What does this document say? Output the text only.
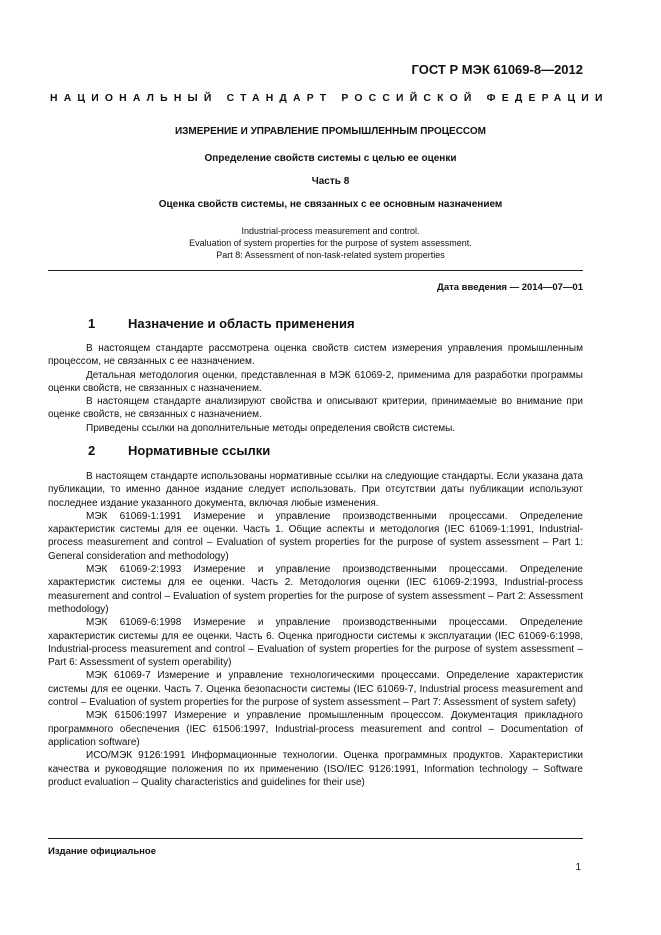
ГОСТ Р МЭК 61069-8—2012
НАЦИОНАЛЬНЫЙ СТАНДАРТ РОССИЙСКОЙ ФЕДЕРАЦИИ
ИЗМЕРЕНИЕ И УПРАВЛЕНИЕ ПРОМЫШЛЕННЫМ ПРОЦЕССОМ
Определение свойств системы с целью ее оценки
Часть 8
Оценка свойств системы, не связанных с ее основным назначением
Industrial-process measurement and control.
Evaluation of system properties for the purpose of system assessment.
Part 8: Assessment of non-task-related system properties
Дата введения — 2014—07—01
1	Назначение и область применения

В настоящем стандарте рассмотрена оценка свойств систем измерения управления промышленным процессом, не связанных с ее назначением.

Детальная методология оценки, представленная в МЭК 61069-2, применима для разработки программы оценки свойств, не связанных с назначением.

В настоящем стандарте анализируют свойства и описывают критерии, принимаемые во внимание при оценке свойств, не связанных с назначением.

Приведены ссылки на дополнительные методы определения свойств системы.

2	Нормативные ссылки

В настоящем стандарте использованы нормативные ссылки на следующие стандарты. Если указана дата публикации, то именно данное издание следует использовать. При отсутствии даты публикации используют последнее издание указанного документа, включая любые изменения.

МЭК 61069-1:1991 Измерение и управление производственными процессами. Определение характеристик системы для ее оценки. Часть 1. Общие аспекты и методология (IEC 61069-1:1991, Industrial-process measurement and control – Evaluation of system properties for the purpose of system assessment – Part 1: General consideration and methodology)

МЭК 61069-2:1993 Измерение и управление производственными процессами. Определение характеристик системы для ее оценки. Часть 2. Методология оценки (IEC 61069-2:1993, Industrial-process measurement and control – Evaluation of system properties for the purpose of system assessment – Part 2: Assessment methodology)

МЭК 61069-6:1998 Измерение и управление производственными процессами. Определение характеристик системы для ее оценки. Часть 6. Оценка пригодности системы к эксплуатации (IEC 61069-6:1998, Industrial-process measurement and control – Evaluation of system properties for the purpose of system assessment – Part 6: Assessment of system operability)

МЭК 61069-7 Измерение и управление технологическими процессами. Определение характеристик системы для ее оценки. Часть 7. Оценка безопасности системы (IEC 61069-7, Industrial process measurement and control – Evaluation of system properties for the purpose of system assessment – Part 7: Assessment of system safety)

МЭК 61506:1997 Измерение и управление промышленным процессом. Документация прикладного программного обеспечения (IEC 61506:1997, Industrial-process measurement and control – Documentation of application software)

ИСО/МЭК 9126:1991 Информационные технологии. Оценка программных продуктов. Характеристики качества и руководящие положения по их применению (ISO/IEC 9126:1991, Information technology – Software product evaluation – Quality characteristics and guidelines for their use)

Издание официальное
1
